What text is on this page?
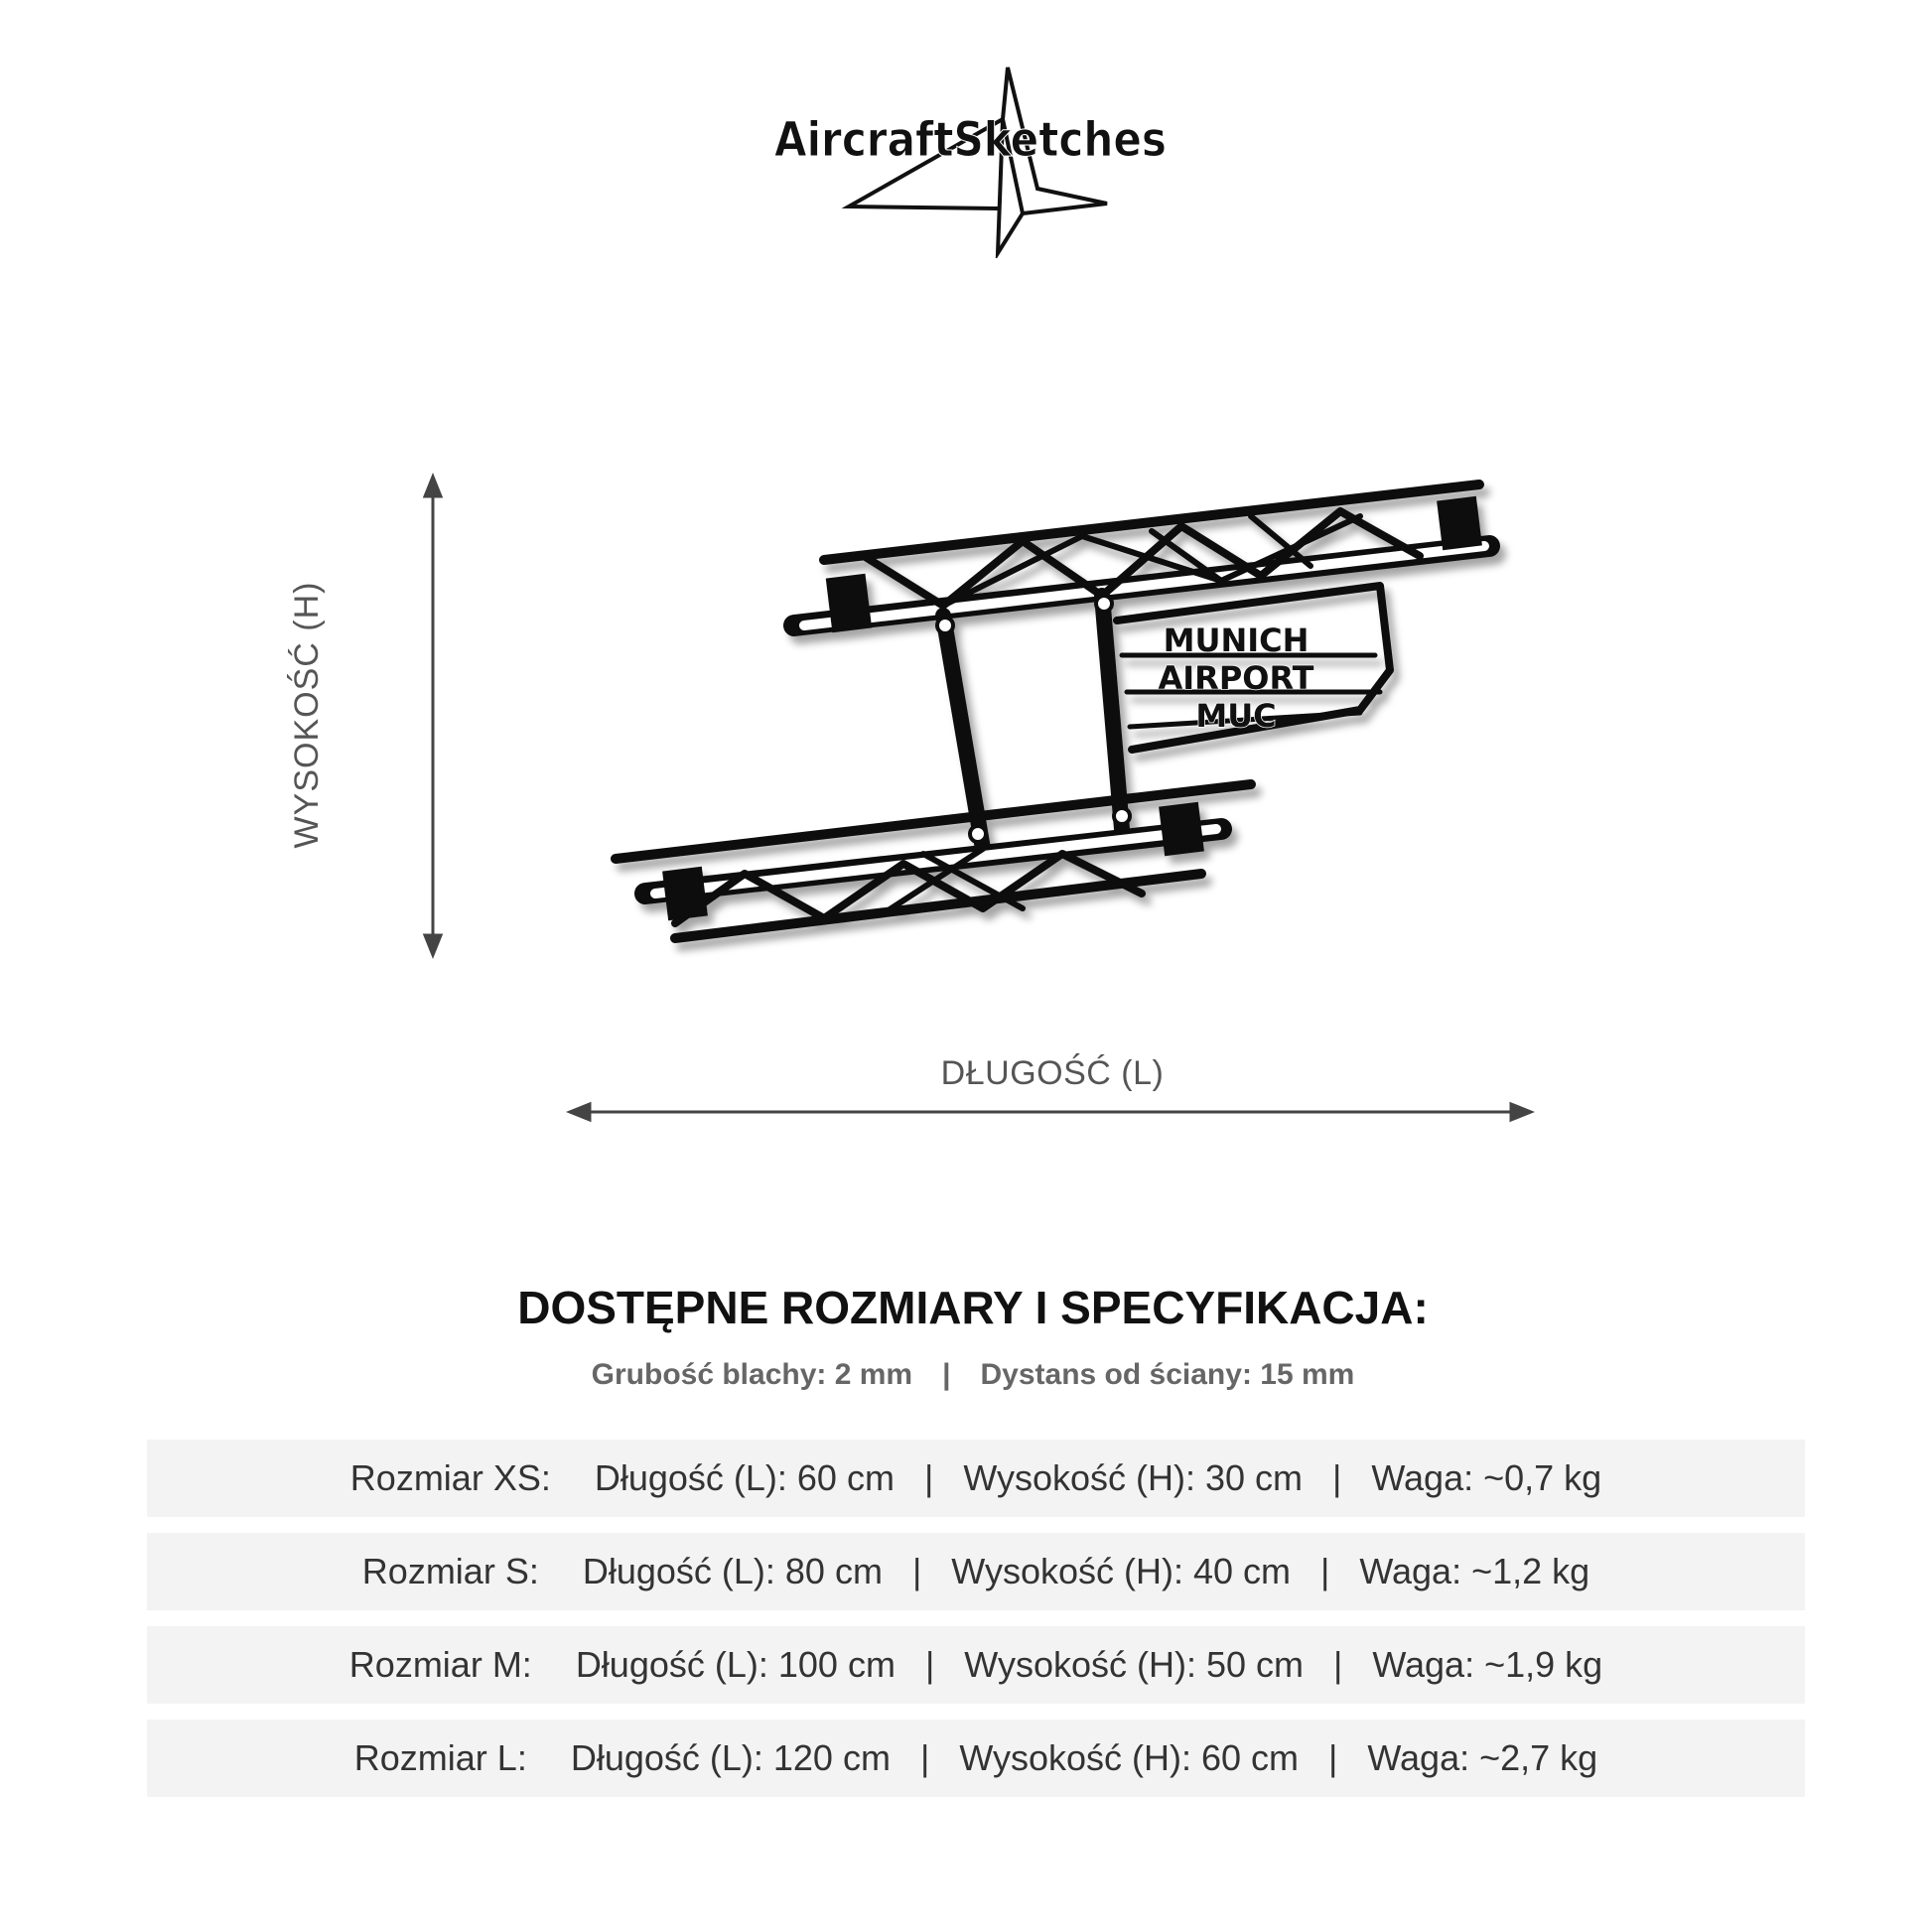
AircraftSketches
WYSOKOŚĆ (H)
DŁUGOŚĆ (L)
MUNICH
AIRPORT
MUC
DOSTĘPNE ROZMIARY I SPECYFIKACJA:
Grubość blachy: 2 mm | Dystans od ściany: 15 mm
Rozmiar XS: Długość (L): 60 cm | Wysokość (H): 30 cm | Waga: ~0,7 kg
Rozmiar S: Długość (L): 80 cm | Wysokość (H): 40 cm | Waga: ~1,2 kg
Rozmiar M: Długość (L): 100 cm | Wysokość (H): 50 cm | Waga: ~1,9 kg
Rozmiar L: Długość (L): 120 cm | Wysokość (H): 60 cm | Waga: ~2,7 kg
